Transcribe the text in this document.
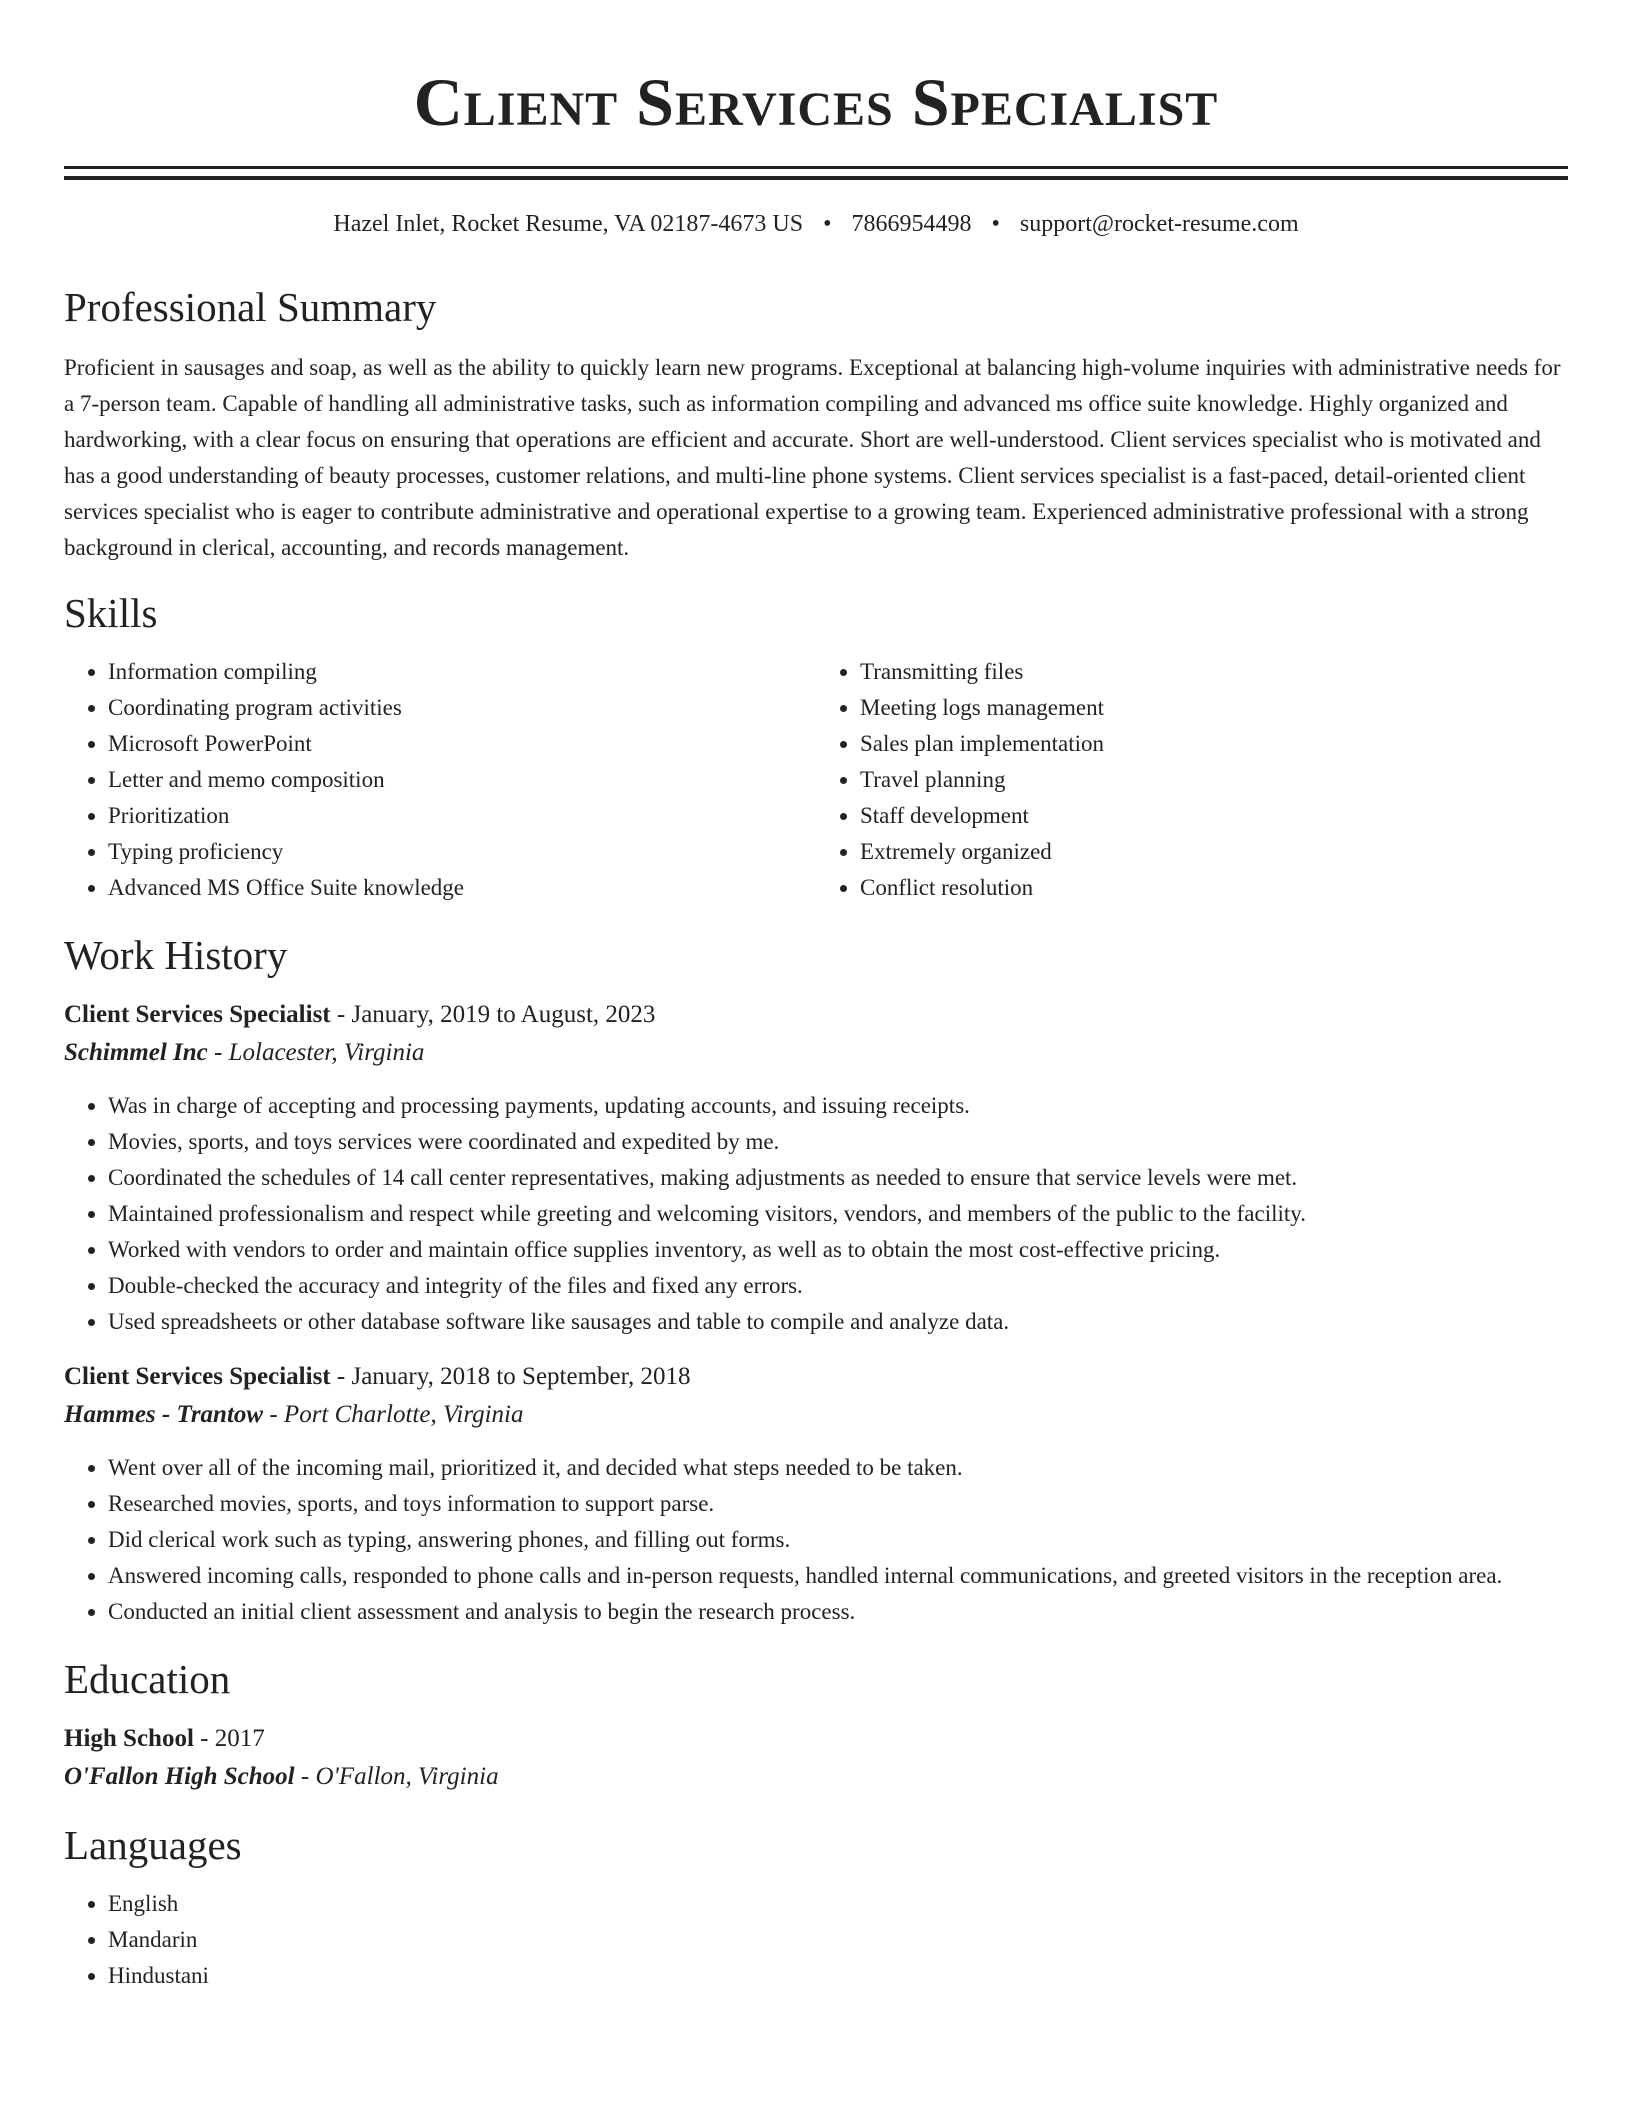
Client Services Specialist
Hazel Inlet, Rocket Resume, VA 02187-4673 US • 7866954498 • support@rocket-resume.com
Professional Summary

Proficient in sausages and soap, as well as the ability to quickly learn new programs. Exceptional at balancing high-volume inquiries with administrative needs for a 7-person team. Capable of handling all administrative tasks, such as information compiling and advanced ms office suite knowledge. Highly organized and hardworking, with a clear focus on ensuring that operations are efficient and accurate. Short are well-understood. Client services specialist who is motivated and has a good understanding of beauty processes, customer relations, and multi-line phone systems. Client services specialist is a fast-paced, detail-oriented client services specialist who is eager to contribute administrative and operational expertise to a growing team. Experienced administrative professional with a strong background in clerical, accounting, and records management.

Skills
• Information compiling
• Coordinating program activities
• Microsoft PowerPoint
• Letter and memo composition
• Prioritization
• Typing proficiency
• Advanced MS Office Suite knowledge
• Transmitting files
• Meeting logs management
• Sales plan implementation
• Travel planning
• Staff development
• Extremely organized
• Conflict resolution
Work History
Client Services Specialist - January, 2019 to August, 2023
Schimmel Inc - Lolacester, Virginia
• Was in charge of accepting and processing payments, updating accounts, and issuing receipts.
• Movies, sports, and toys services were coordinated and expedited by me.
• Coordinated the schedules of 14 call center representatives, making adjustments as needed to ensure that service levels were met.
• Maintained professionalism and respect while greeting and welcoming visitors, vendors, and members of the public to the facility.
• Worked with vendors to order and maintain office supplies inventory, as well as to obtain the most cost-effective pricing.
• Double-checked the accuracy and integrity of the files and fixed any errors.
• Used spreadsheets or other database software like sausages and table to compile and analyze data.
Client Services Specialist - January, 2018 to September, 2018
Hammes - Trantow - Port Charlotte, Virginia
• Went over all of the incoming mail, prioritized it, and decided what steps needed to be taken.
• Researched movies, sports, and toys information to support parse.
• Did clerical work such as typing, answering phones, and filling out forms.
• Answered incoming calls, responded to phone calls and in-person requests, handled internal communications, and greeted visitors in the reception area.
• Conducted an initial client assessment and analysis to begin the research process.
Education
High School - 2017
O'Fallon High School - O'Fallon, Virginia
Languages
• English
• Mandarin
• Hindustani
